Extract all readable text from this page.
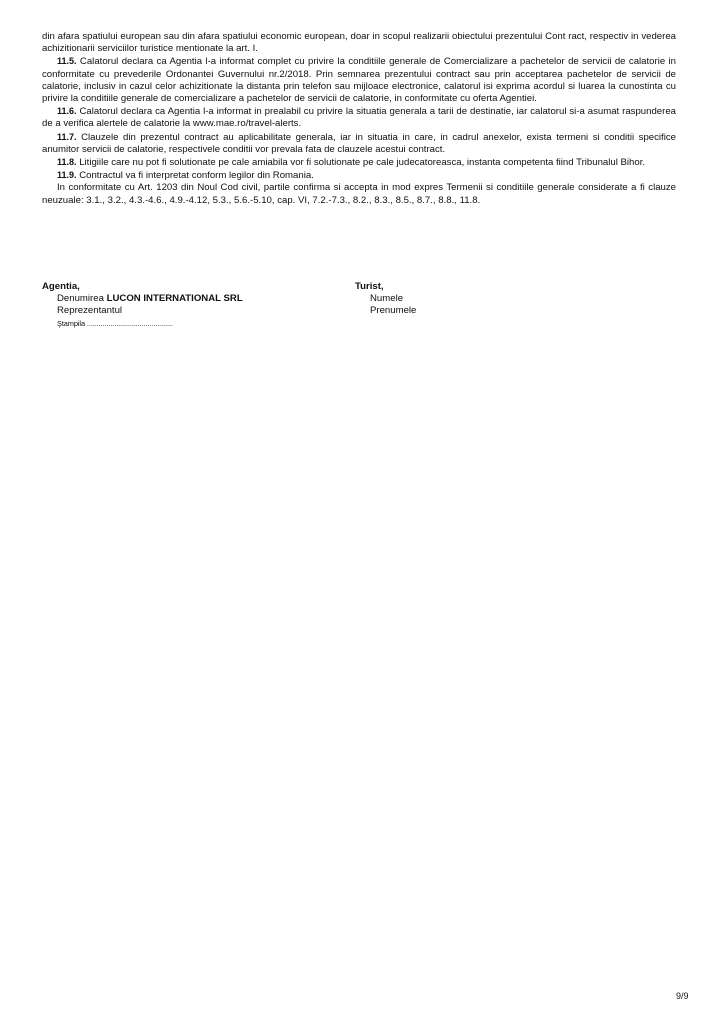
din afara spatiului european sau din afara spatiului economic european, doar in scopul realizarii obiectului prezentului Cont ract, respectiv in vederea achizitionarii serviciilor turistice mentionate la art. I.

11.5. Calatorul declara ca Agentia l-a informat complet cu privire la conditiile generale de Comercializare a pachetelor de servicii de calatorie in conformitate cu prevederile Ordonantei Guvernului nr.2/2018. Prin semnarea prezentului contract sau prin acceptarea pachetelor de servicii de calatorie, inclusiv in cazul celor achizitionate la distanta prin telefon sau mijloace electronice, calatorul isi exprima acordul si luarea la cunostinta cu privire la conditiile generale de comercializare a pachetelor de servicii de calatorie, in conformitate cu oferta Agentiei.

11.6. Calatorul declara ca Agentia l-a informat in prealabil cu privire la situatia generala a tarii de destinatie, iar calatorul si-a asumat raspunderea de a verifica alertele de calatorie la www.mae.ro/travel-alerts.

11.7. Clauzele din prezentul contract au aplicabilitate generala, iar in situatia in care, in cadrul anexelor, exista termeni si conditii specifice anumitor servicii de calatorie, respectivele conditii vor prevala fata de clauzele acestui contract.

11.8. Litigiile care nu pot fi solutionate pe cale amiabila vor fi solutionate pe cale judecatoreasca, instanta competenta fiind Tribunalul Bihor.

11.9. Contractul va fi interpretat conform legilor din Romania.

In conformitate cu Art. 1203 din Noul Cod civil, partile confirma si accepta in mod expres Termenii si conditiile generale considerate a fi clauze neuzuale: 3.1., 3.2., 4.3.-4.6., 4.9.-4.12, 5.3., 5.6.-5.10, cap. VI, 7.2.-7.3., 8.2., 8.3., 8.5., 8.7., 8.8., 11.8.

Agentia,
Denumirea LUCON INTERNATIONAL SRL
Reprezentantul
Ştampila ............................................
Turist,
Numele
Prenumele
9/9
